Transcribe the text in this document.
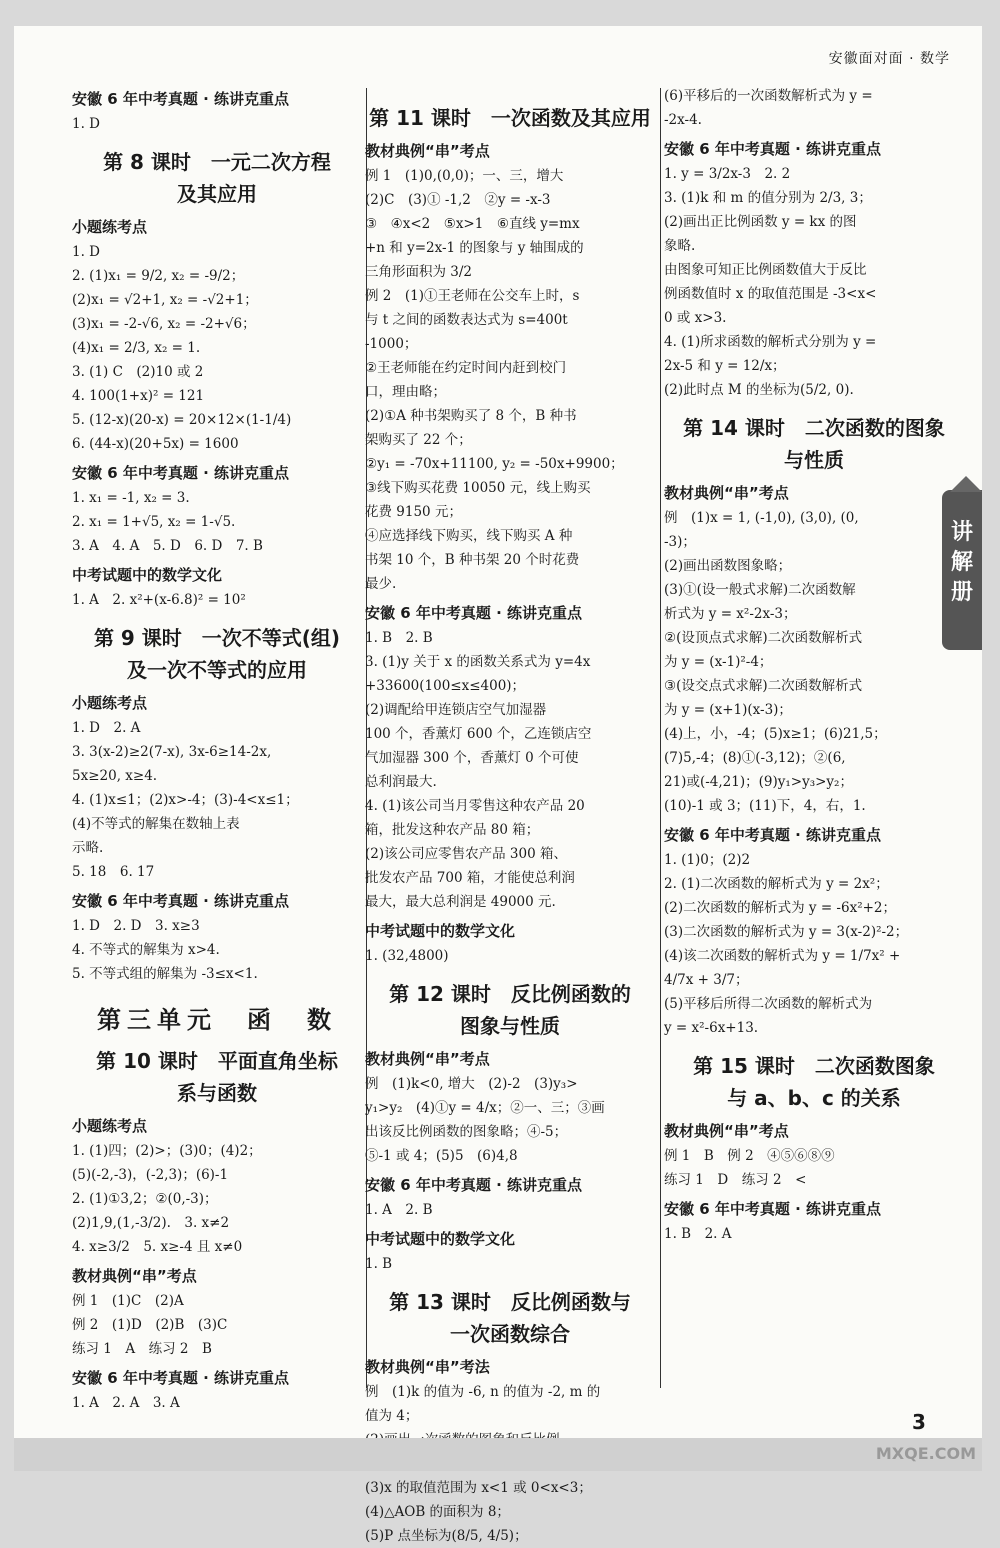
安徽面对面 · 数学
讲解册
安徽 6 年中考真题 · 练讲克重点
1. D
第 8 课时　一元二次方程
及其应用
小题练考点
1. D
2. (1)x₁ = 9/2, x₂ = -9/2；
(2)x₁ = √2+1, x₂ = -√2+1；
(3)x₁ = -2-√6, x₂ = -2+√6；
(4)x₁ = 2/3, x₂ = 1.
3. (1) C　(2)10 或 2
4. 100(1+x)² = 121
5. (12-x)(20-x) = 20×12×(1-1/4)
6. (44-x)(20+5x) = 1600
安徽 6 年中考真题 · 练讲克重点
1. x₁ = -1, x₂ = 3.
2. x₁ = 1+√5, x₂ = 1-√5.
3. A　4. A　5. D　6. D　7. B
中考试题中的数学文化
1. A　2. x²+(x-6.8)² = 10²
第 9 课时　一次不等式(组)
及一次不等式的应用
小题练考点
1. D　2. A
3. 3(x-2)≥2(7-x), 3x-6≥14-2x,
5x≥20, x≥4.
4. (1)x≤1；(2)x>-4；(3)-4<x≤1；
(4)不等式的解集在数轴上表
示略.
5. 18　6. 17
安徽 6 年中考真题 · 练讲克重点
1. D　2. D　3. x≥3
4. 不等式的解集为 x>4.
5. 不等式组的解集为 -3≤x<1.
第三单元　函　数
第 10 课时　平面直角坐标
系与函数
小题练考点
1. (1)四；(2)>；(3)0；(4)2；
(5)(-2,-3)，(-2,3)；(6)-1
2. (1)①3,2；②(0,-3)；
(2)1,9,(1,-3/2).　3. x≠2
4. x≥3/2　5. x≥-4 且 x≠0
教材典例“串”考点
例 1　(1)C　(2)A
例 2　(1)D　(2)B　(3)C
练习 1　A　练习 2　B
安徽 6 年中考真题 · 练讲克重点
1. A　2. A　3. A
第 11 课时　一次函数及其应用
教材典例“串”考点
例 1　(1)0,(0,0)；一、三，增大
(2)C　(3)① -1,2　②y = -x-3
③　④x<2　⑤x>1　⑥直线 y=mx
+n 和 y=2x-1 的图象与 y 轴围成的
三角形面积为 3/2
例 2　(1)①王老师在公交车上时，s
与 t 之间的函数表达式为 s=400t
-1000；
②王老师能在约定时间内赶到校门
口，理由略；
(2)①A 种书架购买了 8 个，B 种书
架购买了 22 个；
②y₁ = -70x+11100, y₂ = -50x+9900；
③线下购买花费 10050 元，线上购买
花费 9150 元；
④应选择线下购买，线下购买 A 种
书架 10 个，B 种书架 20 个时花费
最少.
安徽 6 年中考真题 · 练讲克重点
1. B　2. B
3. (1)y 关于 x 的函数关系式为 y=4x
+33600(100≤x≤400)；
(2)调配给甲连锁店空气加湿器
100 个，香薰灯 600 个，乙连锁店空
气加湿器 300 个，香薰灯 0 个可使
总利润最大.
4. (1)该公司当月零售这种农产品 20
箱，批发这种农产品 80 箱；
(2)该公司应零售农产品 300 箱、
批发农产品 700 箱，才能使总利润
最大，最大总利润是 49000 元.
中考试题中的数学文化
1. (32,4800)
第 12 课时　反比例函数的
图象与性质
教材典例“串”考点
例　(1)k<0, 增大　(2)-2　(3)y₃>
y₁>y₂　(4)①y = 4/x；②一、三；③画
出该反比例函数的图象略；④-5；
⑤-1 或 4；(5)5　(6)4,8
安徽 6 年中考真题 · 练讲克重点
1. A　2. B
中考试题中的数学文化
1. B
第 13 课时　反比例函数与
一次函数综合
教材典例“串”考法
例　(1)k 的值为 -6, n 的值为 -2, m 的
值为 4；

(3)x 的取值范围为 x<1 或 0<x<3；
(4)△AOB 的面积为 8；
(5)P 点坐标为(8/5, 4/5)；
(6)平移后的一次函数解析式为 y =
-2x-4.
安徽 6 年中考真题 · 练讲克重点
1. y = 3/2x-3　2. 2
3. (1)k 和 m 的值分别为 2/3, 3；
(2)画出正比例函数 y = kx 的图
象略.
由图象可知正比例函数值大于反比
例函数值时 x 的取值范围是 -3<x<
0 或 x>3.
4. (1)所求函数的解析式分别为 y =
2x-5 和 y = 12/x；
(2)此时点 M 的坐标为(5/2, 0).
第 14 课时　二次函数的图象
与性质
教材典例“串”考点
例　(1)x = 1, (-1,0), (3,0), (0,
-3)；
(2)画出函数图象略；
(3)①(设一般式求解)二次函数解
析式为 y = x²-2x-3；
②(设顶点式求解)二次函数解析式
为 y = (x-1)²-4；
③(设交点式求解)二次函数解析式
为 y = (x+1)(x-3)；
(4)上，小，-4；(5)x≥1；(6)21,5；
(7)5,-4；(8)①(-3,12)；②(6,
21)或(-4,21)；(9)y₁>y₃>y₂；
(10)-1 或 3；(11)下，4，右，1.
安徽 6 年中考真题 · 练讲克重点
1. (1)0；(2)2
2. (1)二次函数的解析式为 y = 2x²；
(2)二次函数的解析式为 y = -6x²+2；
(3)二次函数的解析式为 y = 3(x-2)²-2；
(4)该二次函数的解析式为 y = 1/7x² +
4/7x + 3/7；
(5)平移后所得二次函数的解析式为
y = x²-6x+13.
第 15 课时　二次函数图象
与 a、b、c 的关系
教材典例“串”考点
例 1　B　例 2　④⑤⑥⑧⑨
练习 1　D　练习 2　<
安徽 6 年中考真题 · 练讲克重点
1. B　2. A
MXQE.COM
3
